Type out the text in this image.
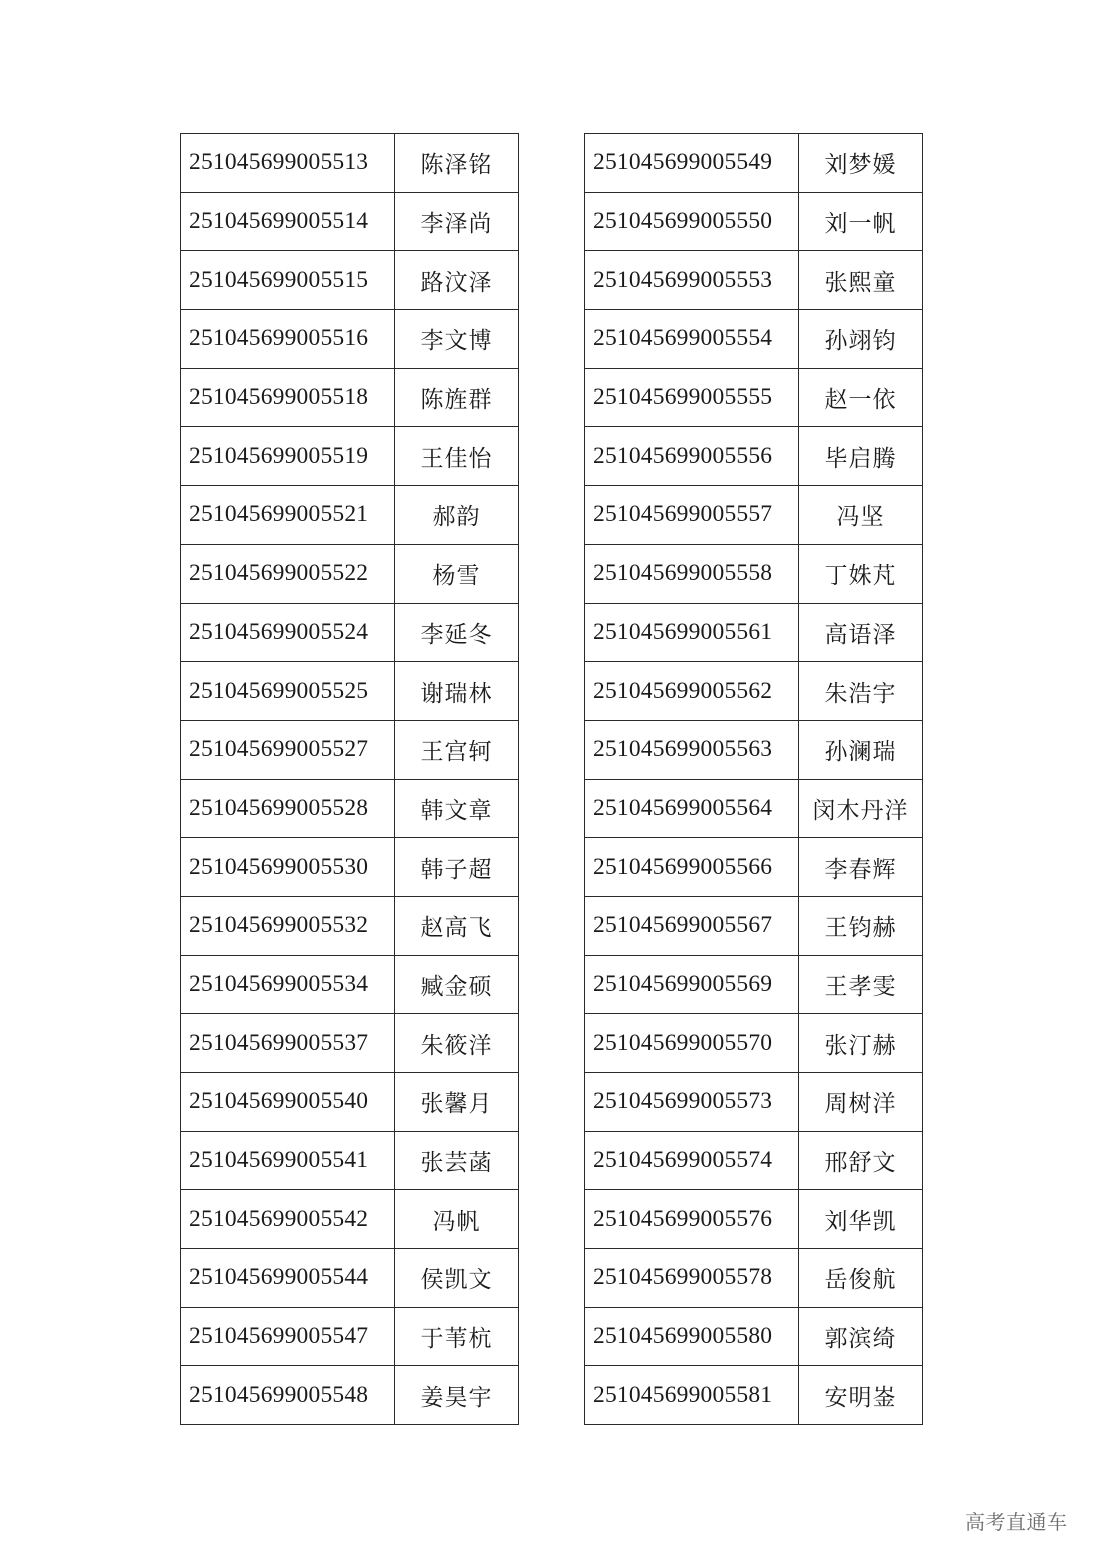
251045699005513	陈泽铭
251045699005514	李泽尚
251045699005515	路汶泽
251045699005516	李文博
251045699005518	陈旌群
251045699005519	王佳怡
251045699005521	郝韵
251045699005522	杨雪
251045699005524	李延冬
251045699005525	谢瑞林
251045699005527	王宫轲
251045699005528	韩文章
251045699005530	韩子超
251045699005532	赵高飞
251045699005534	臧金硕
251045699005537	朱筱洋
251045699005540	张馨月
251045699005541	张芸菡
251045699005542	冯帆
251045699005544	侯凯文
251045699005547	于苇杭
251045699005548	姜昊宇
251045699005549	刘梦媛
251045699005550	刘一帆
251045699005553	张熙童
251045699005554	孙翊钧
251045699005555	赵一依
251045699005556	毕启腾
251045699005557	冯坚
251045699005558	丁姝芃
251045699005561	高语泽
251045699005562	朱浩宇
251045699005563	孙澜瑞
251045699005564	闵木丹洋
251045699005566	李春辉
251045699005567	王钧赫
251045699005569	王孝雯
251045699005570	张汀赫
251045699005573	周树洋
251045699005574	邢舒文
251045699005576	刘华凯
251045699005578	岳俊航
251045699005580	郭滨绮
251045699005581	安明崟
高考直通车
